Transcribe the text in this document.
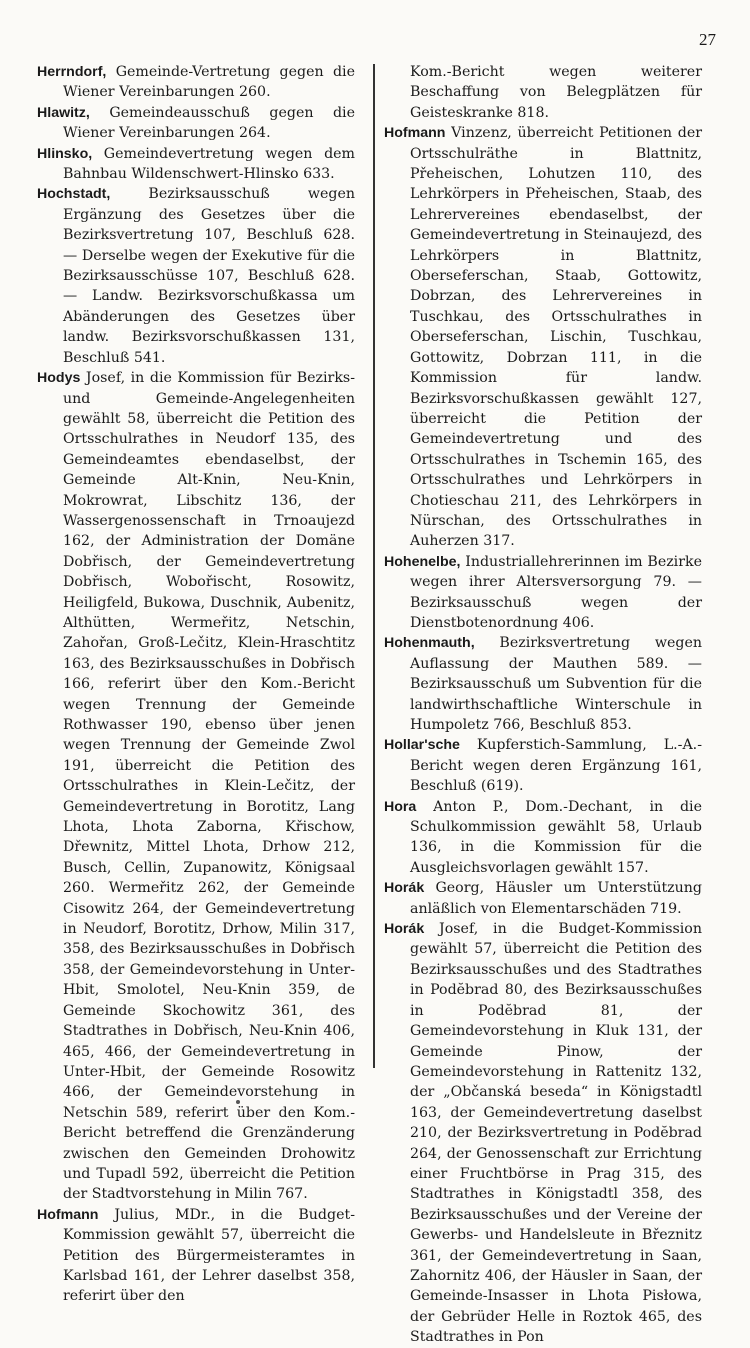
27

Herrndorf, Gemeinde-Vertretung gegen die Wiener Vereinbarungen 260.

Hlawitz, Gemeindeausschuß gegen die Wiener Vereinbarungen 264.

Hlinsko, Gemeindevertretung wegen dem Bahnbau Wildenschwert-Hlinsko 633.

Hochstadt, Bezirksausschuß wegen Ergänzung des Gesetzes über die Bezirksvertretung 107, Beschluß 628. — Derselbe wegen der Exekutive für die Bezirksausschüsse 107, Beschluß 628. — Landw. Bezirksvorschußkassa um Abänderungen des Gesetzes über landw. Bezirksvorschußkassen 131, Beschluß 541.

Hodys Josef, in die Kommission für Bezirks- und Gemeinde-Angelegenheiten gewählt 58, überreicht die Petition des Ortsschulrathes in Neudorf 135, des Gemeindeamtes ebendaselbst, der Gemeinde Alt-Knin, Neu-Knin, Mokrowrat, Libschitz 136, der Wassergenossenschaft in Trnoaujezd 162, der Administration der Domäne Dobřisch, der Gemeindevertretung Dobřisch, Wobořischt, Rosowitz, Heiligfeld, Bukowa, Duschnik, Aubenitz, Althütten, Wermeřitz, Netschin, Zahořan, Groß-Lečitz, Klein-Hraschtitz 163, des Bezirksausschußes in Dobřisch 166, referirt über den Kom.-Bericht wegen Trennung der Gemeinde Rothwasser 190, ebenso über jenen wegen Trennung der Gemeinde Zwol 191, überreicht die Petition des Ortsschulrathes in Klein-Lečitz, der Gemeindevertretung in Borotitz, Lang Lhota, Lhota Zaborna, Křischow, Dřewnitz, Mittel Lhota, Drhow 212, Busch, Cellin, Zupanowitz, Königsaal 260. Wermeřitz 262, der Gemeinde Cisowitz 264, der Gemeindevertretung in Neudorf, Borotitz, Drhow, Milin 317, 358, des Bezirksausschußes in Dobřisch 358, der Gemeindevorstehung in Unter-Hbit, Smolotel, Neu-Knin 359, de Gemeinde Skochowitz 361, des Stadtrathes in Dobřisch, Neu-Knin 406, 465, 466, der Gemeindevertretung in Unter-Hbit, der Gemeinde Rosowitz 466, der Gemeindevorstehung in Netschin 589, referirt über den Kom.-Bericht betreffend die Grenzänderung zwischen den Gemeinden Drohowitz und Tupadl 592, überreicht die Petition der Stadtvorstehung in Milin 767.

Hofmann Julius, MDr., in die Budget-Kommission gewählt 57, überreicht die Petition des Bürgermeisteramtes in Karlsbad 161, der Lehrer daselbst 358, referirt über den

Kom.-Bericht wegen weiterer Beschaffung von Belegplätzen für Geisteskranke 818.

Hofmann Vinzenz, überreicht Petitionen der Ortsschulräthe in Blattnitz, Přeheischen, Lohutzen 110, des Lehrkörpers in Přeheischen, Staab, des Lehrervereines ebendaselbst, der Gemeindevertretung in Steinaujezd, des Lehrkörpers in Blattnitz, Oberseferschan, Staab, Gottowitz, Dobrzan, des Lehrervereines in Tuschkau, des Ortsschulrathes in Oberseferschan, Lischin, Tuschkau, Gottowitz, Dobrzan 111, in die Kommission für landw. Bezirksvorschußkassen gewählt 127, überreicht die Petition der Gemeindevertretung und des Ortsschulrathes in Tschemin 165, des Ortsschulrathes und Lehrkörpers in Chotieschau 211, des Lehrkörpers in Nürschan, des Ortsschulrathes in Auherzen 317.

Hohenelbe, Industriallehrerinnen im Bezirke wegen ihrer Altersversorgung 79. — Bezirksausschuß wegen der Dienstbotenordnung 406.

Hohenmauth, Bezirksvertretung wegen Auflassung der Mauthen 589. — Bezirksausschuß um Subvention für die landwirthschaftliche Winterschule in Humpoletz 766, Beschluß 853.

Hollar'sche Kupferstich-Sammlung, L.-A.-Bericht wegen deren Ergänzung 161, Beschluß (619).

Hora Anton P., Dom.-Dechant, in die Schulkommission gewählt 58, Urlaub 136, in die Kommission für die Ausgleichsvorlagen gewählt 157.

Horák Georg, Häusler um Unterstützung anläßlich von Elementarschäden 719.

Horák Josef, in die Budget-Kommission gewählt 57, überreicht die Petition des Bezirksausschußes und des Stadtrathes in Podĕbrad 80, des Bezirksausschußes in Podĕbrad 81, der Gemeindevorstehung in Kluk 131, der Gemeinde Pinow, der Gemeindevorstehung in Rattenitz 132, der „Občanská beseda“ in Königstadtl 163, der Gemeindevertretung daselbst 210, der Bezirksvertretung in Podĕbrad 264, der Genossenschaft zur Errichtung einer Fruchtbörse in Prag 315, des Stadtrathes in Königstadtl 358, des Bezirksausschußes und der Vereine der Gewerbs- und Handelsleute in Březnitz 361, der Gemeindevertretung in Saan, Zahornitz 406, der Häusler in Saan, der Gemeinde-Insasser in Lhota Pisłowa, der Gebrüder Helle in Roztok 465, des Stadtrathes in Pon
